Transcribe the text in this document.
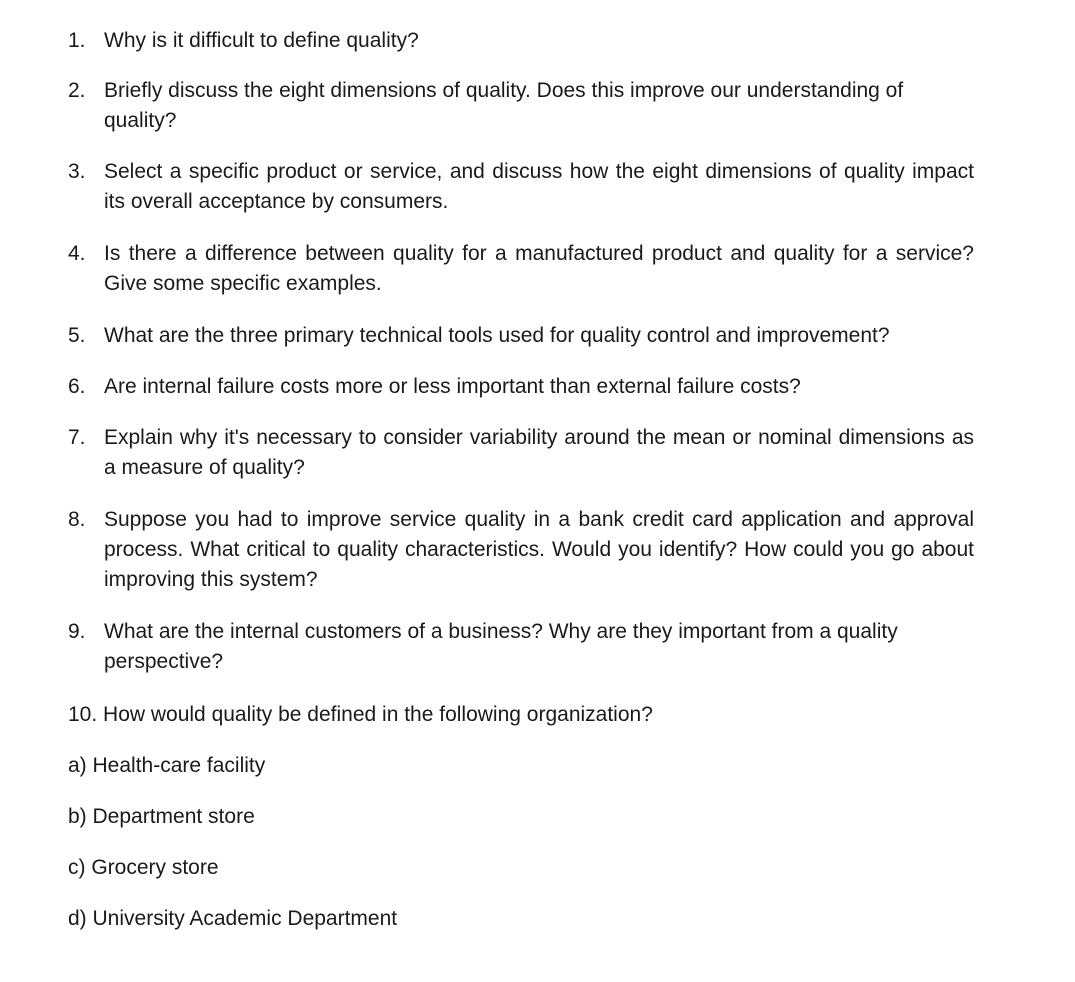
1. Why is it difficult to define quality?
2. Briefly discuss the eight dimensions of quality. Does this improve our understanding of quality?
3. Select a specific product or service, and discuss how the eight dimensions of quality impact its overall acceptance by consumers.
4. Is there a difference between quality for a manufactured product and quality for a service? Give some specific examples.
5. What are the three primary technical tools used for quality control and improvement?
6. Are internal failure costs more or less important than external failure costs?
7. Explain why it's necessary to consider variability around the mean or nominal dimensions as a measure of quality?
8. Suppose you had to improve service quality in a bank credit card application and approval process. What critical to quality characteristics. Would you identify? How could you go about improving this system?
9. What are the internal customers of a business? Why are they important from a quality perspective?
10. How would quality be defined in the following organization?
a) Health-care facility
b) Department store
c) Grocery store
d) University Academic Department
